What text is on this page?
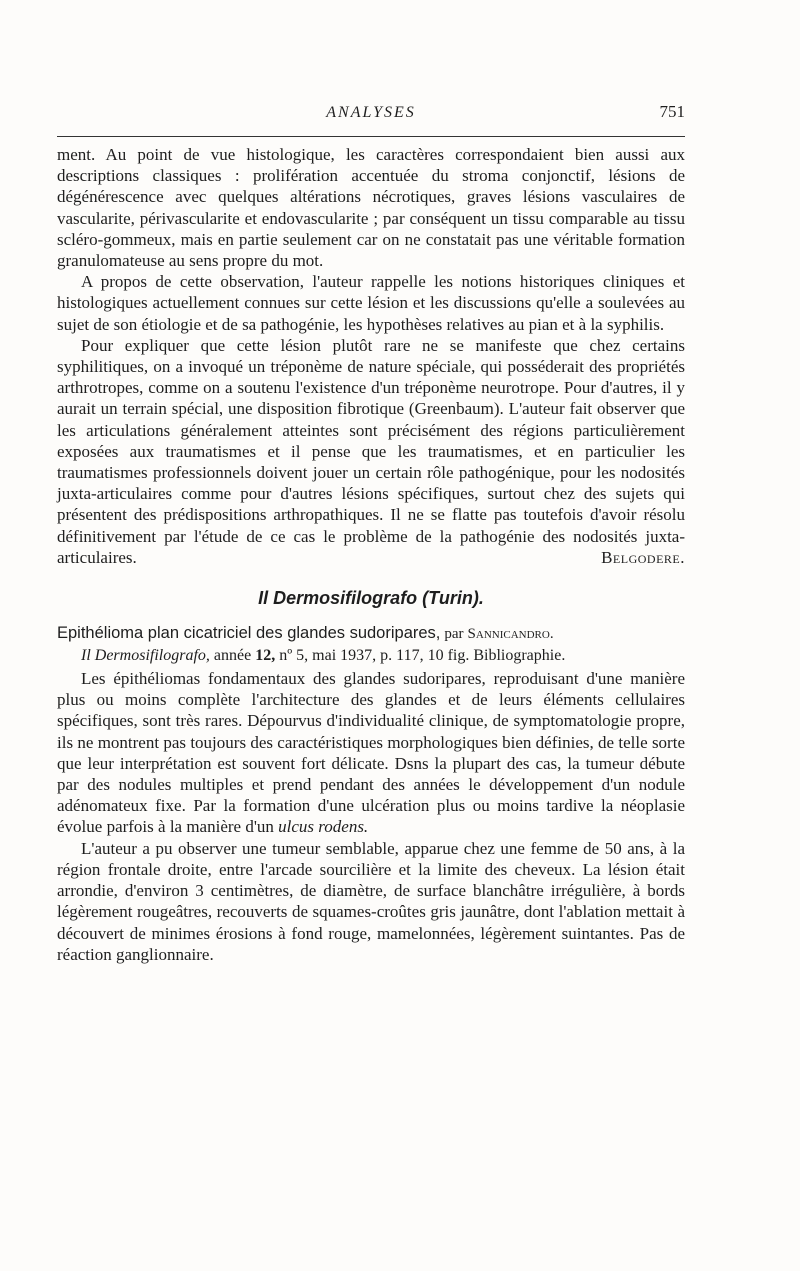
ANALYSES	751

ment. Au point de vue histologique, les caractères correspondaient bien aussi aux descriptions classiques : prolifération accentuée du stroma conjonctif, lésions de dégénérescence avec quelques altérations nécrotiques, graves lésions vasculaires de vascularite, périvascularite et endovascularite ; par conséquent un tissu comparable au tissu scléro-gommeux, mais en partie seulement car on ne constatait pas une véritable formation granulomateuse au sens propre du mot.

A propos de cette observation, l'auteur rappelle les notions historiques cliniques et histologiques actuellement connues sur cette lésion et les discussions qu'elle a soulevées au sujet de son étiologie et de sa pathogénie, les hypothèses relatives au pian et à la syphilis.

Pour expliquer que cette lésion plutôt rare ne se manifeste que chez certains syphilitiques, on a invoqué un tréponème de nature spéciale, qui posséderait des propriétés arthrotropes, comme on a soutenu l'existence d'un tréponème neurotrope. Pour d'autres, il y aurait un terrain spécial, une disposition fibrotique (Greenbaum). L'auteur fait observer que les articulations généralement atteintes sont précisément des régions particulièrement exposées aux traumatismes et il pense que les traumatismes, et en particulier les traumatismes professionnels doivent jouer un certain rôle pathogénique, pour les nodosités juxta-articulaires comme pour d'autres lésions spécifiques, surtout chez des sujets qui présentent des prédispositions arthropathiques. Il ne se flatte pas toutefois d'avoir résolu définitivement par l'étude de ce cas le problème de la pathogénie des nodosités juxta-articulaires.	Belgodere.

Il Dermosifilografo (Turin).

Epithélioma plan cicatriciel des glandes sudoripares, par Sannicandro.

Il Dermosifilografo, année 12, nº 5, mai 1937, p. 117, 10 fig. Bibliographie.

Les épithéliomas fondamentaux des glandes sudoripares, reproduisant d'une manière plus ou moins complète l'architecture des glandes et de leurs éléments cellulaires spécifiques, sont très rares. Dépourvus d'individualité clinique, de symptomatologie propre, ils ne montrent pas toujours des caractéristiques morphologiques bien définies, de telle sorte que leur interprétation est souvent fort délicate. Dsns la plupart des cas, la tumeur débute par des nodules multiples et prend pendant des années le développement d'un nodule adénomateux fixe. Par la formation d'une ulcération plus ou moins tardive la néoplasie évolue parfois à la manière d'un ulcus rodens.

L'auteur a pu observer une tumeur semblable, apparue chez une femme de 50 ans, à la région frontale droite, entre l'arcade sourcilière et la limite des cheveux. La lésion était arrondie, d'environ 3 centimètres, de diamètre, de surface blanchâtre irrégulière, à bords légèrement rougeâtres, recouverts de squames-croûtes gris jaunâtre, dont l'ablation mettait à découvert de minimes érosions à fond rouge, mamelonnées, légèrement suintantes. Pas de réaction ganglionnaire.
